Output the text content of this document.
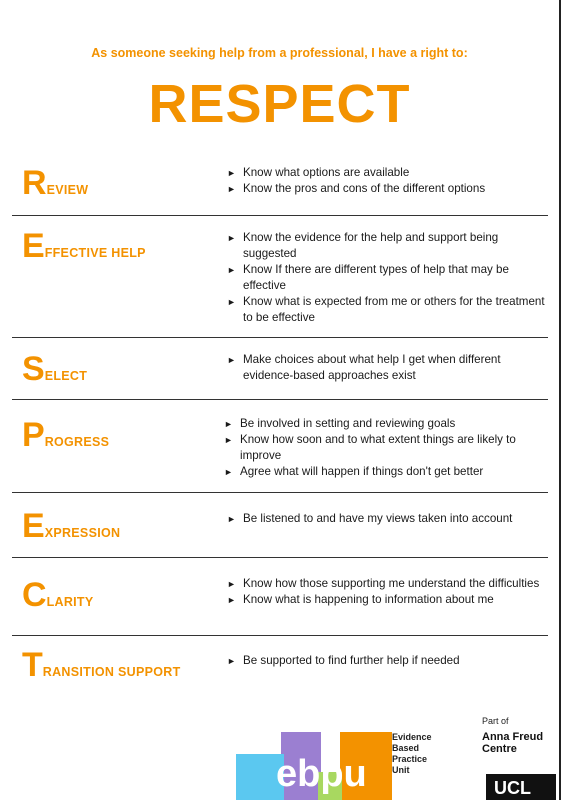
As someone seeking help from a professional, I have a right to:
RESPECT
REVIEW
► Know what options are available
► Know the pros and cons of the different options
EFFECTIVE HELP
► Know the evidence for the help and support being suggested
► Know If there are different types of help that may be effective
► Know what is expected from me or others for the treatment to be effective
SELECT
► Make choices about what help I get when different evidence-based approaches exist
PROGRESS
► Be involved in setting and reviewing goals
► Know how soon and to what extent things are likely to improve
► Agree what will happen if things don't get better
EXPRESSION
► Be listened to and have my views taken into account
CLARITY
► Know how those supporting me understand the difficulties
► Know what is happening to information about me
TRANSITION SUPPORT
► Be supported to find further help if needed
ebpu
Evidence
Based
Practice
Unit
Part of
Anna Freud
Centre
UCL
